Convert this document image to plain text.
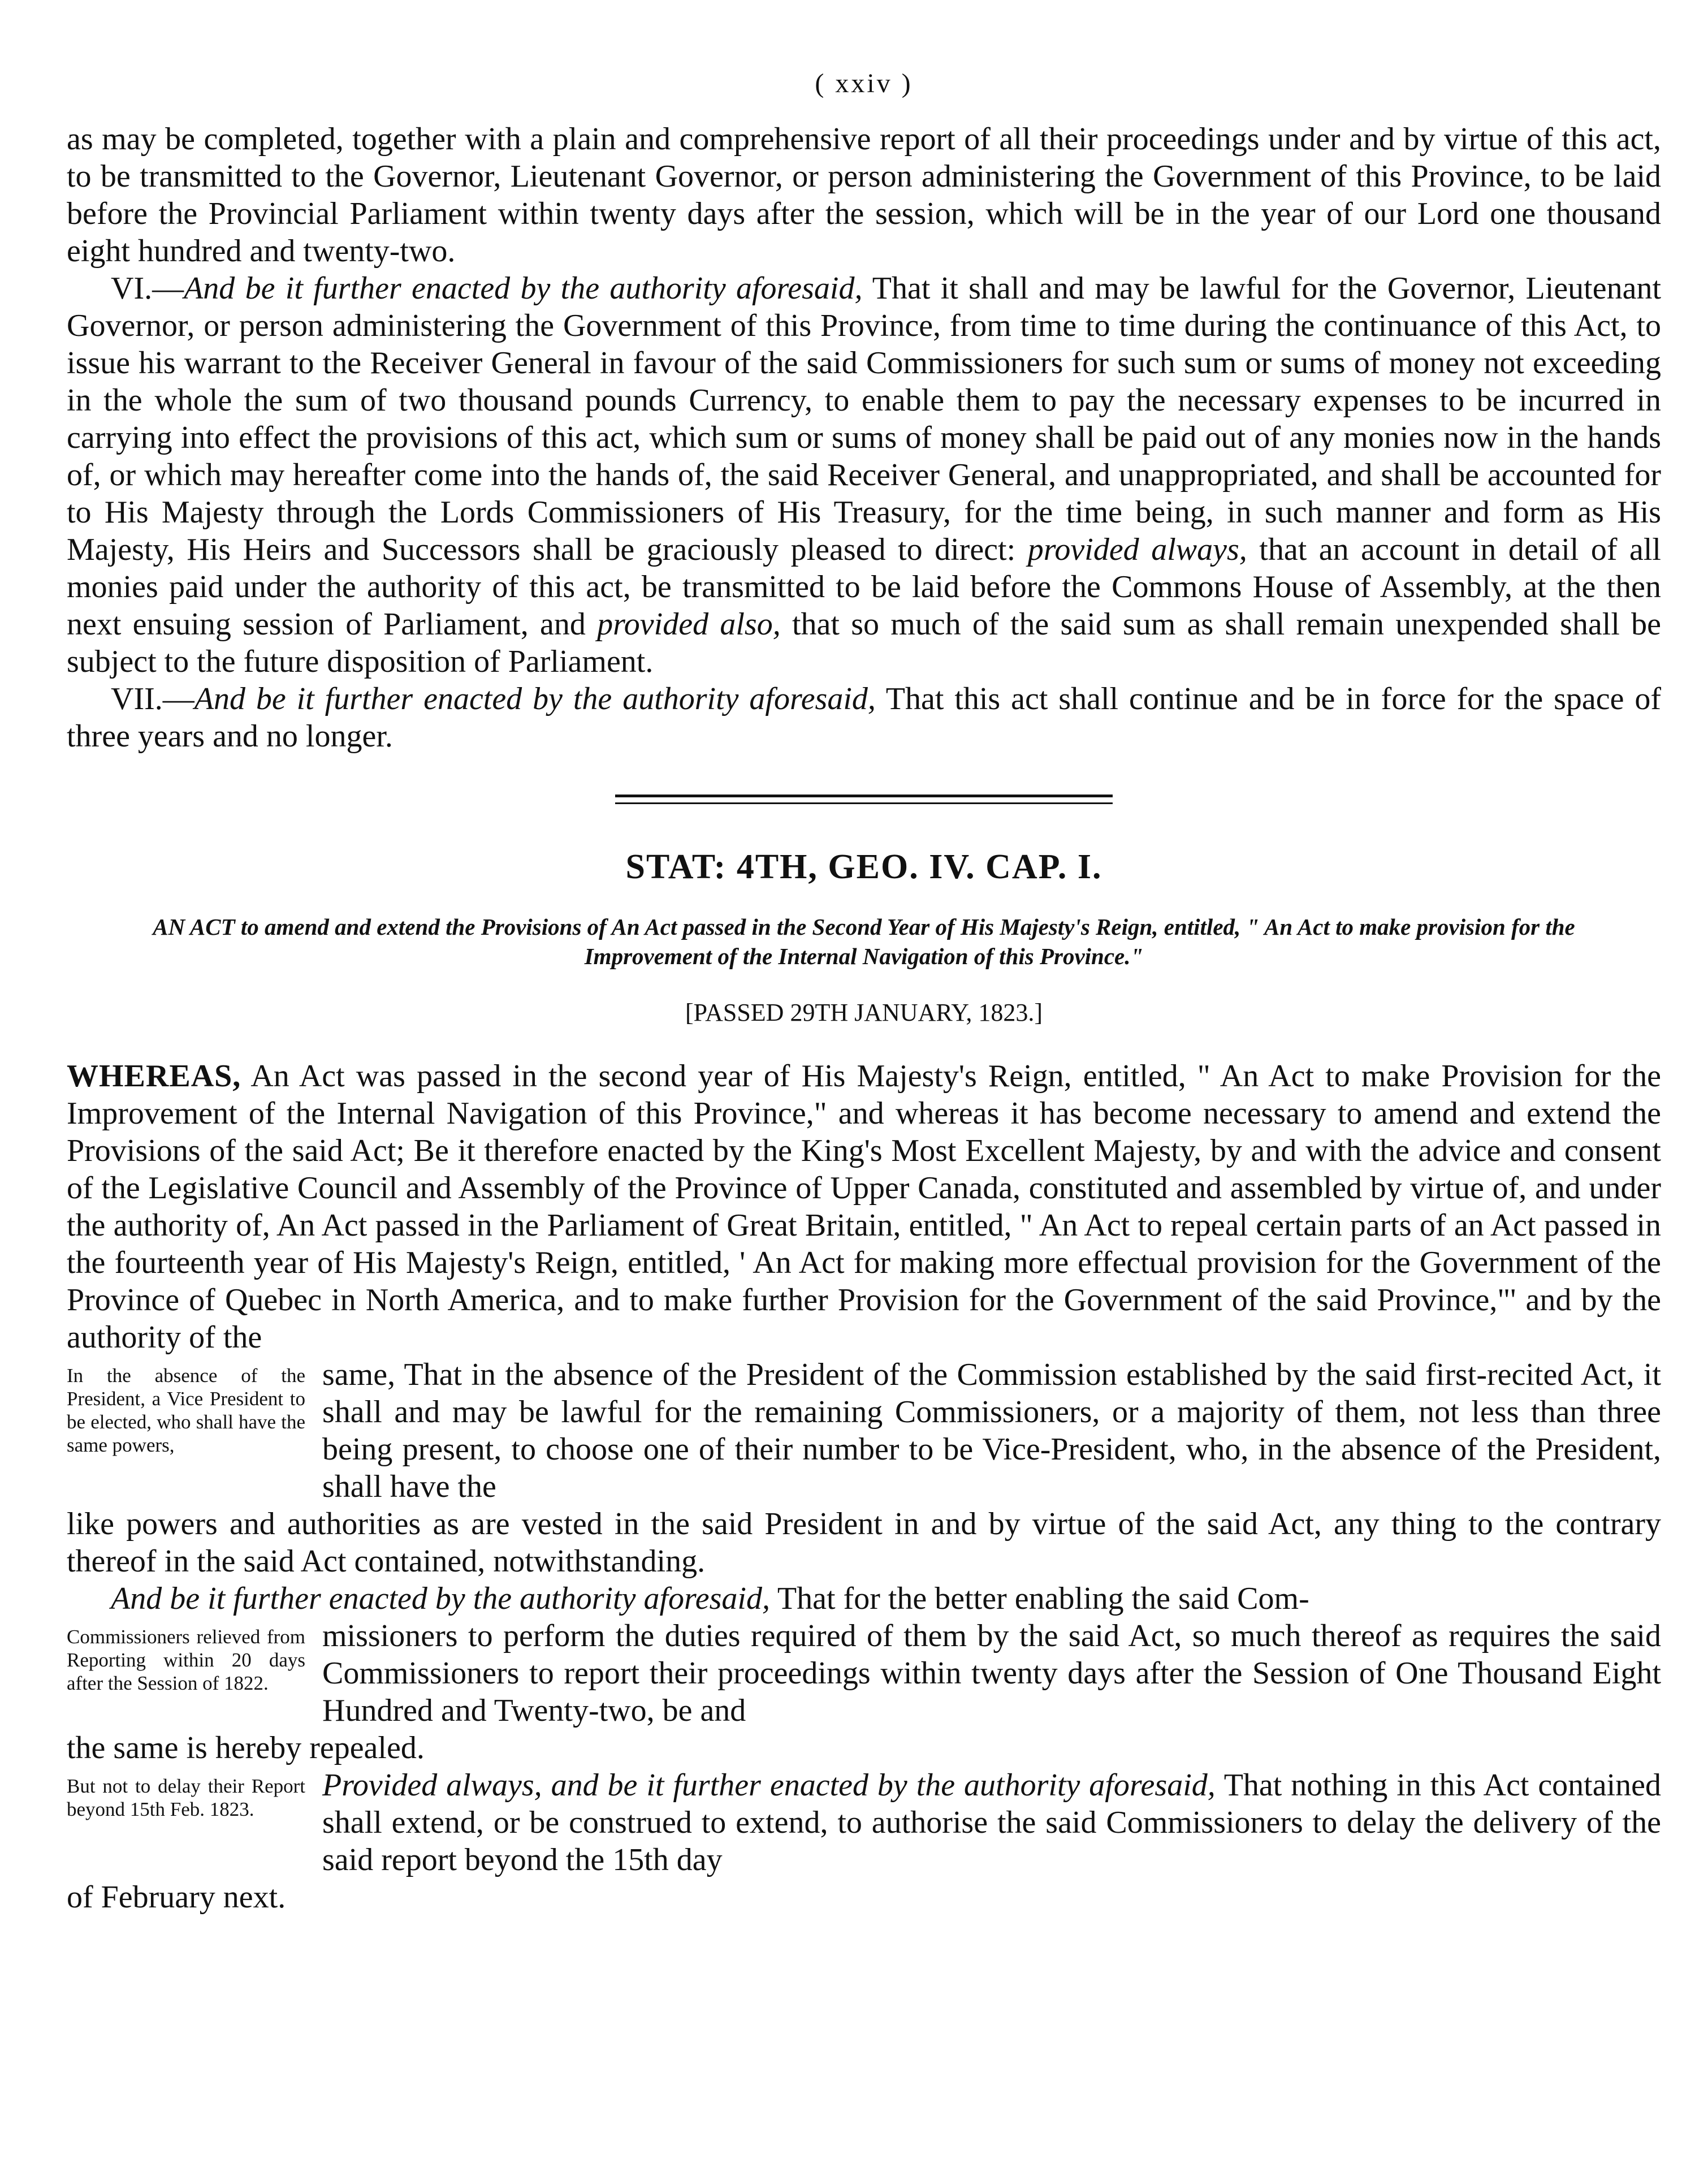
( xxiv )

as may be completed, together with a plain and comprehensive report of all their proceedings under and by virtue of this act, to be transmitted to the Governor, Lieutenant Governor, or person administering the Government of this Province, to be laid before the Provincial Parliament within twenty days after the session, which will be in the year of our Lord one thousand eight hundred and twenty-two.

VI.—And be it further enacted by the authority aforesaid, That it shall and may be lawful for the Governor, Lieutenant Governor, or person administering the Government of this Province, from time to time during the continuance of this Act, to issue his warrant to the Receiver General in favour of the said Commissioners for such sum or sums of money not exceeding in the whole the sum of two thousand pounds Currency, to enable them to pay the necessary expenses to be incurred in carrying into effect the provisions of this act, which sum or sums of money shall be paid out of any monies now in the hands of, or which may hereafter come into the hands of, the said Receiver General, and unappropriated, and shall be accounted for to His Majesty through the Lords Commissioners of His Treasury, for the time being, in such manner and form as His Majesty, His Heirs and Successors shall be graciously pleased to direct: provided always, that an account in detail of all monies paid under the authority of this act, be transmitted to be laid before the Commons House of Assembly, at the then next ensuing session of Parliament, and provided also, that so much of the said sum as shall remain unexpended shall be subject to the future disposition of Parliament.

VII.—And be it further enacted by the authority aforesaid, That this act shall continue and be in force for the space of three years and no longer.

STAT: 4TH, GEO. IV. CAP. I.
AN ACT to amend and extend the Provisions of An Act passed in the Second Year of His Majesty's Reign, entitled, " An Act to make provision for the Improvement of the Internal Navigation of this Province."
[PASSED 29TH JANUARY, 1823.]

WHEREAS, An Act was passed in the second year of His Majesty's Reign, entitled, " An Act to make Provision for the Improvement of the Internal Navigation of this Province," and whereas it has become necessary to amend and extend the Provisions of the said Act; Be it therefore enacted by the King's Most Excellent Majesty, by and with the advice and consent of the Legislative Council and Assembly of the Province of Upper Canada, constituted and assembled by virtue of, and under the authority of, An Act passed in the Parliament of Great Britain, entitled, " An Act to repeal certain parts of an Act passed in the fourteenth year of His Majesty's Reign, entitled, ' An Act for making more effectual provision for the Government of the Province of Quebec in North America, and to make further Provision for the Government of the said Province,"' and by the authority of the

In the absence of the President, a Vice President to be elected, who shall have the same powers,

same, That in the absence of the President of the Commission established by the said first-recited Act, it shall and may be lawful for the remaining Commissioners, or a majority of them, not less than three being present, to choose one of their number to be Vice-President, who, in the absence of the President, shall have the

like powers and authorities as are vested in the said President in and by virtue of the said Act, any thing to the contrary thereof in the said Act contained, notwithstanding.

And be it further enacted by the authority aforesaid, That for the better enabling the said Com-

Commissioners relieved from Reporting within 20 days after the Session of 1822.

missioners to perform the duties required of them by the said Act, so much thereof as requires the said Commissioners to report their proceedings within twenty days after the Session of One Thousand Eight Hundred and Twenty-two, be and

the same is hereby repealed.

But not to delay their Report beyond 15th Feb. 1823.

Provided always, and be it further enacted by the authority aforesaid, That nothing in this Act contained shall extend, or be construed to extend, to authorise the said Commissioners to delay the delivery of the said report beyond the 15th day

of February next.
